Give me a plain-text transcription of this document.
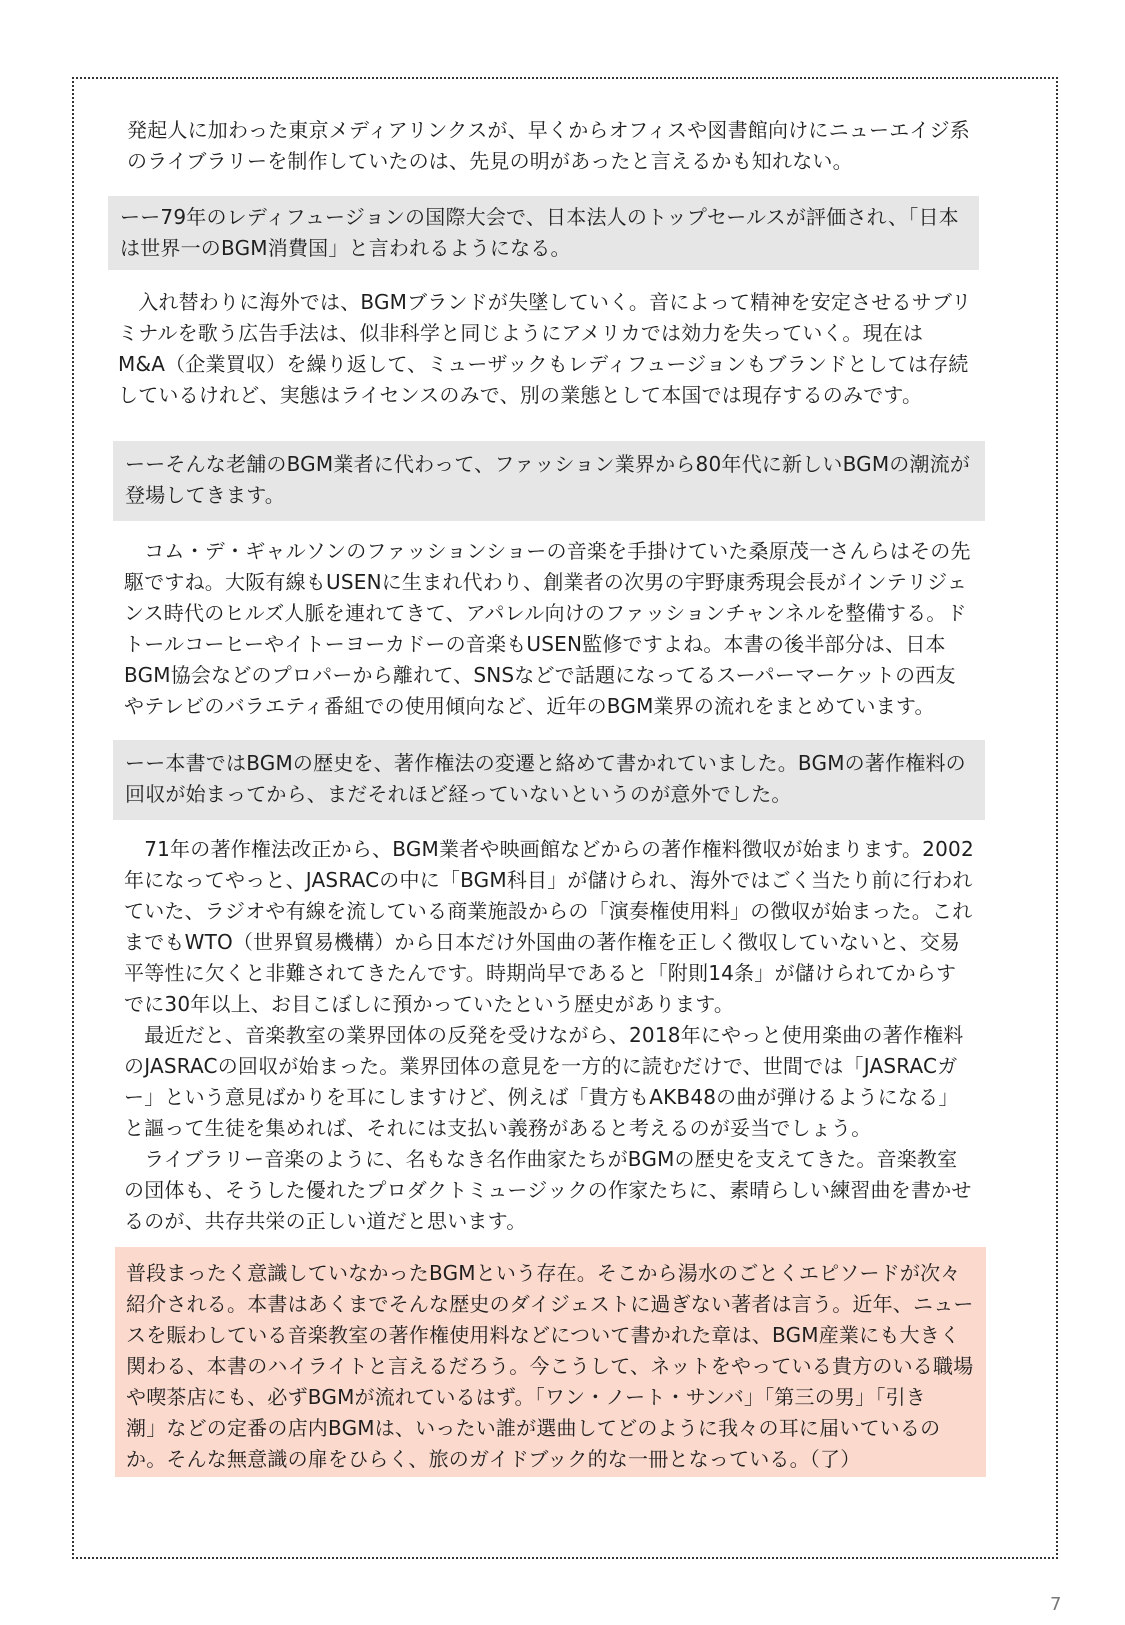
発起人に加わった東京メディアリンクスが、早くからオフィスや図書館向けにニューエイジ系
のライブラリーを制作していたのは、先見の明があったと言えるかも知れない。
ーー79年のレディフュージョンの国際大会で、日本法人のトップセールスが評価され、「日本
は世界一のBGM消費国」と言われるようになる。
　入れ替わりに海外では、BGMブランドが失墜していく。音によって精神を安定させるサブリ
ミナルを歌う広告手法は、似非科学と同じようにアメリカでは効力を失っていく。現在は
M&A（企業買収）を繰り返して、ミューザックもレディフュージョンもブランドとしては存続
しているけれど、実態はライセンスのみで、別の業態として本国では現存するのみです。
ーーそんな老舗のBGM業者に代わって、ファッション業界から80年代に新しいBGMの潮流が
登場してきます。
　コム・デ・ギャルソンのファッションショーの音楽を手掛けていた桑原茂一さんらはその先
駆ですね。大阪有線もUSENに生まれ代わり、創業者の次男の宇野康秀現会長がインテリジェ
ンス時代のヒルズ人脈を連れてきて、アパレル向けのファッションチャンネルを整備する。ド
トールコーヒーやイトーヨーカドーの音楽もUSEN監修ですよね。本書の後半部分は、日本
BGM協会などのプロパーから離れて、SNSなどで話題になってるスーパーマーケットの西友
やテレビのバラエティ番組での使用傾向など、近年のBGM業界の流れをまとめています。
ーー本書ではBGMの歴史を、著作権法の変遷と絡めて書かれていました。BGMの著作権料の
回収が始まってから、まだそれほど経っていないというのが意外でした。
　71年の著作権法改正から、BGM業者や映画館などからの著作権料徴収が始まります。2002
年になってやっと、JASRACの中に「BGM科目」が儲けられ、海外ではごく当たり前に行われ
ていた、ラジオや有線を流している商業施設からの「演奏権使用料」の徴収が始まった。これ
までもWTO（世界貿易機構）から日本だけ外国曲の著作権を正しく徴収していないと、交易
平等性に欠くと非難されてきたんです。時期尚早であると「附則14条」が儲けられてからす
でに30年以上、お目こぼしに預かっていたという歴史があります。
　最近だと、音楽教室の業界団体の反発を受けながら、2018年にやっと使用楽曲の著作権料
のJASRACの回収が始まった。業界団体の意見を一方的に読むだけで、世間では「JASRACガ
ー」という意見ばかりを耳にしますけど、例えば「貴方もAKB48の曲が弾けるようになる」
と謳って生徒を集めれば、それには支払い義務があると考えるのが妥当でしょう。
　ライブラリー音楽のように、名もなき名作曲家たちがBGMの歴史を支えてきた。音楽教室
の団体も、そうした優れたプロダクトミュージックの作家たちに、素晴らしい練習曲を書かせ
るのが、共存共栄の正しい道だと思います。
普段まったく意識していなかったBGMという存在。そこから湯水のごとくエピソードが次々
紹介される。本書はあくまでそんな歴史のダイジェストに過ぎない著者は言う。近年、ニュー
スを賑わしている音楽教室の著作権使用料などについて書かれた章は、BGM産業にも大きく
関わる、本書のハイライトと言えるだろう。今こうして、ネットをやっている貴方のいる職場
や喫茶店にも、必ずBGMが流れているはず。「ワン・ノート・サンバ」「第三の男」「引き
潮」などの定番の店内BGMは、いったい誰が選曲してどのように我々の耳に届いているの
か。そんな無意識の扉をひらく、旅のガイドブック的な一冊となっている。（了）
7
